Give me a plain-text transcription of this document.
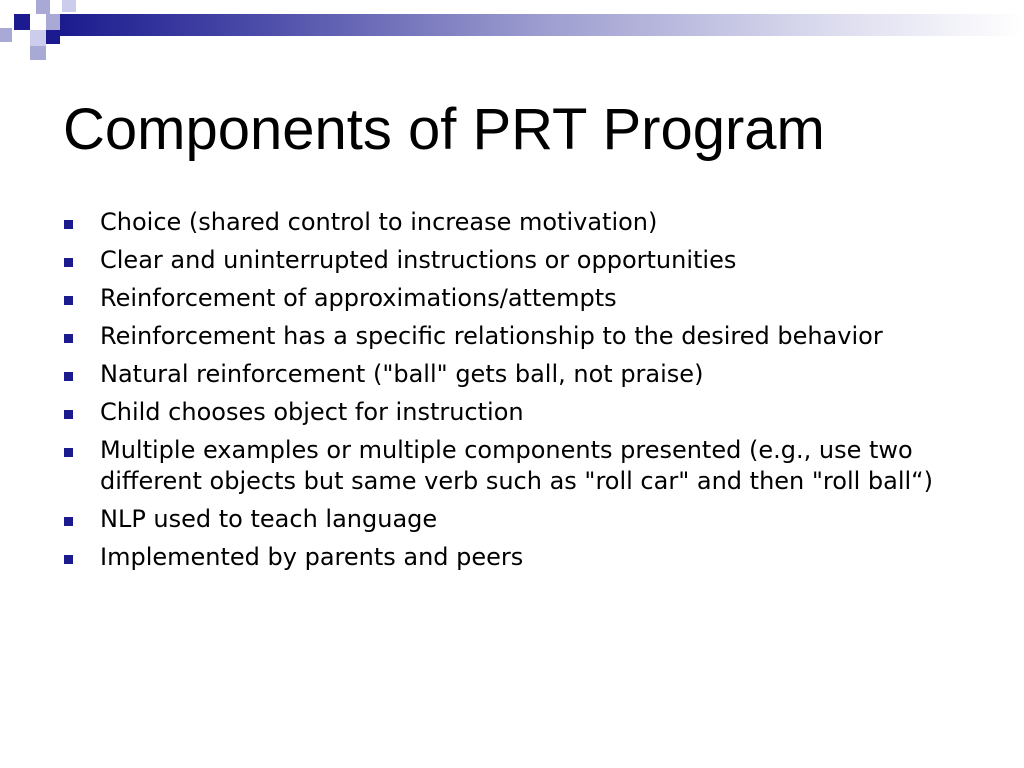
Components of PRT Program
Choice (shared control to increase motivation)
Clear and uninterrupted instructions or opportunities
Reinforcement of approximations/attempts
Reinforcement has a specific relationship to the desired behavior
Natural reinforcement ("ball" gets ball, not praise)
Child chooses object for instruction
Multiple examples or multiple components presented (e.g., use two different objects but same verb such as "roll car" and then "roll ball“)
NLP used to teach language
Implemented by parents and peers
